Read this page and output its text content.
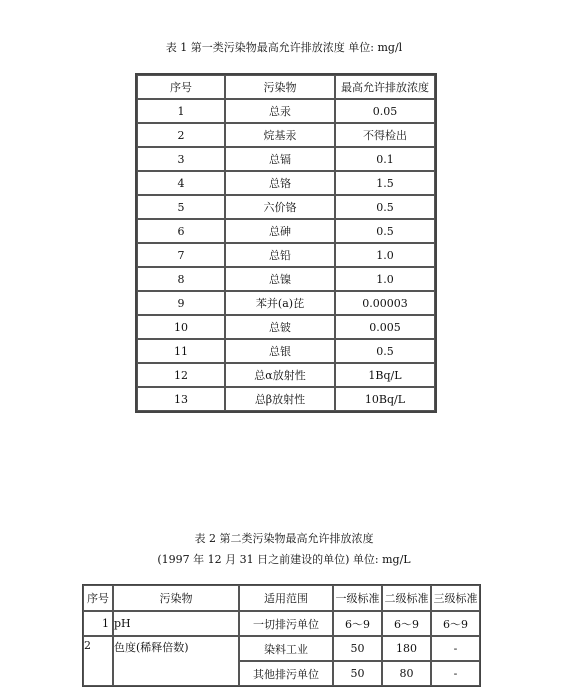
表 1 第一类污染物最高允许排放浓度 单位: mg/l
序号	污染物	最高允许排放浓度
1	总汞	0.05
2	烷基汞	不得检出
3	总镉	0.1
4	总铬	1.5
5	六价铬	0.5
6	总砷	0.5
7	总铅	1.0
8	总镍	1.0
9	苯并(a)芘	0.00003
10	总铍	0.005
11	总银	0.5
12	总α放射性	1Bq/L
13	总β放射性	10Bq/L
表 2 第二类污染物最高允许排放浓度
(1997 年 12 月 31 日之前建设的单位) 单位: mg/L
序号	污染物	适用范围	一级标准	二级标准	三级标准
1	pH	一切排污单位	6～9	6～9	6～9
2	色度(稀释倍数)	染料工业	50	180	-
		其他排污单位	50	80	-
